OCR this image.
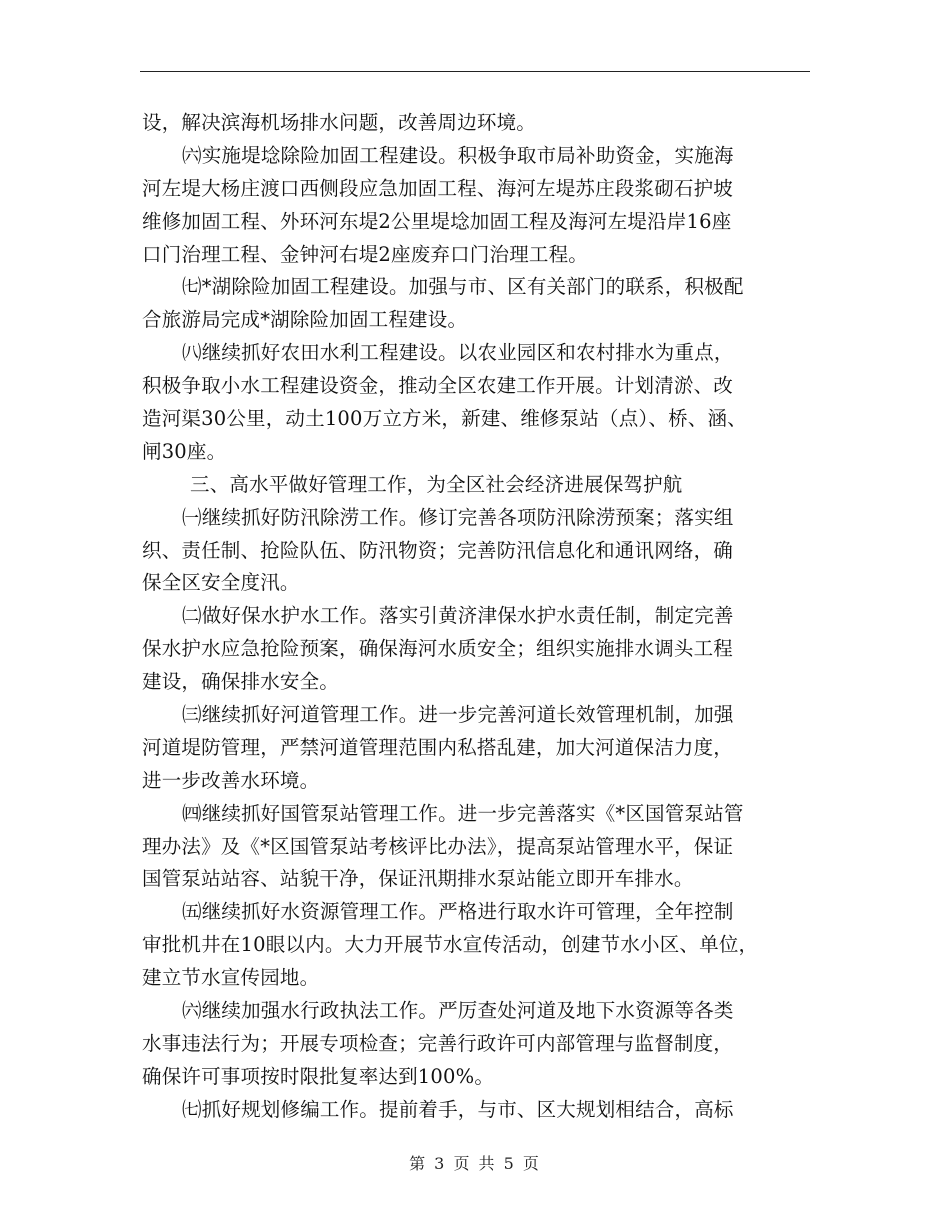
设，解决滨海机场排水问题，改善周边环境。
㈥实施堤埝除险加固工程建设。积极争取市局补助资金，实施海
河左堤大杨庄渡口西侧段应急加固工程、海河左堤苏庄段浆砌石护坡
维修加固工程、外环河东堤2公里堤埝加固工程及海河左堤沿岸16座
口门治理工程、金钟河右堤2座废弃口门治理工程。
㈦*湖除险加固工程建设。加强与市、区有关部门的联系，积极配
合旅游局完成*湖除险加固工程建设。
㈧继续抓好农田水利工程建设。以农业园区和农村排水为重点，
积极争取小水工程建设资金，推动全区农建工作开展。计划清淤、改
造河渠30公里，动土100万立方米，新建、维修泵站（点）、桥、涵、
闸30座。
三、高水平做好管理工作，为全区社会经济进展保驾护航
㈠继续抓好防汛除涝工作。修订完善各项防汛除涝预案；落实组
织、责任制、抢险队伍、防汛物资；完善防汛信息化和通讯网络，确
保全区安全度汛。
㈡做好保水护水工作。落实引黄济津保水护水责任制，制定完善
保水护水应急抢险预案，确保海河水质安全；组织实施排水调头工程
建设，确保排水安全。
㈢继续抓好河道管理工作。进一步完善河道长效管理机制，加强
河道堤防管理，严禁河道管理范围内私搭乱建，加大河道保洁力度，
进一步改善水环境。
㈣继续抓好国管泵站管理工作。进一步完善落实《*区国管泵站管
理办法》及《*区国管泵站考核评比办法》，提高泵站管理水平，保证
国管泵站站容、站貌干净，保证汛期排水泵站能立即开车排水。
㈤继续抓好水资源管理工作。严格进行取水许可管理，全年控制
审批机井在10眼以内。大力开展节水宣传活动，创建节水小区、单位，
建立节水宣传园地。
㈥继续加强水行政执法工作。严厉查处河道及地下水资源等各类
水事违法行为；开展专项检查；完善行政许可内部管理与监督制度，
确保许可事项按时限批复率达到100%。
㈦抓好规划修编工作。提前着手，与市、区大规划相结合，高标
第 3 页 共 5 页
